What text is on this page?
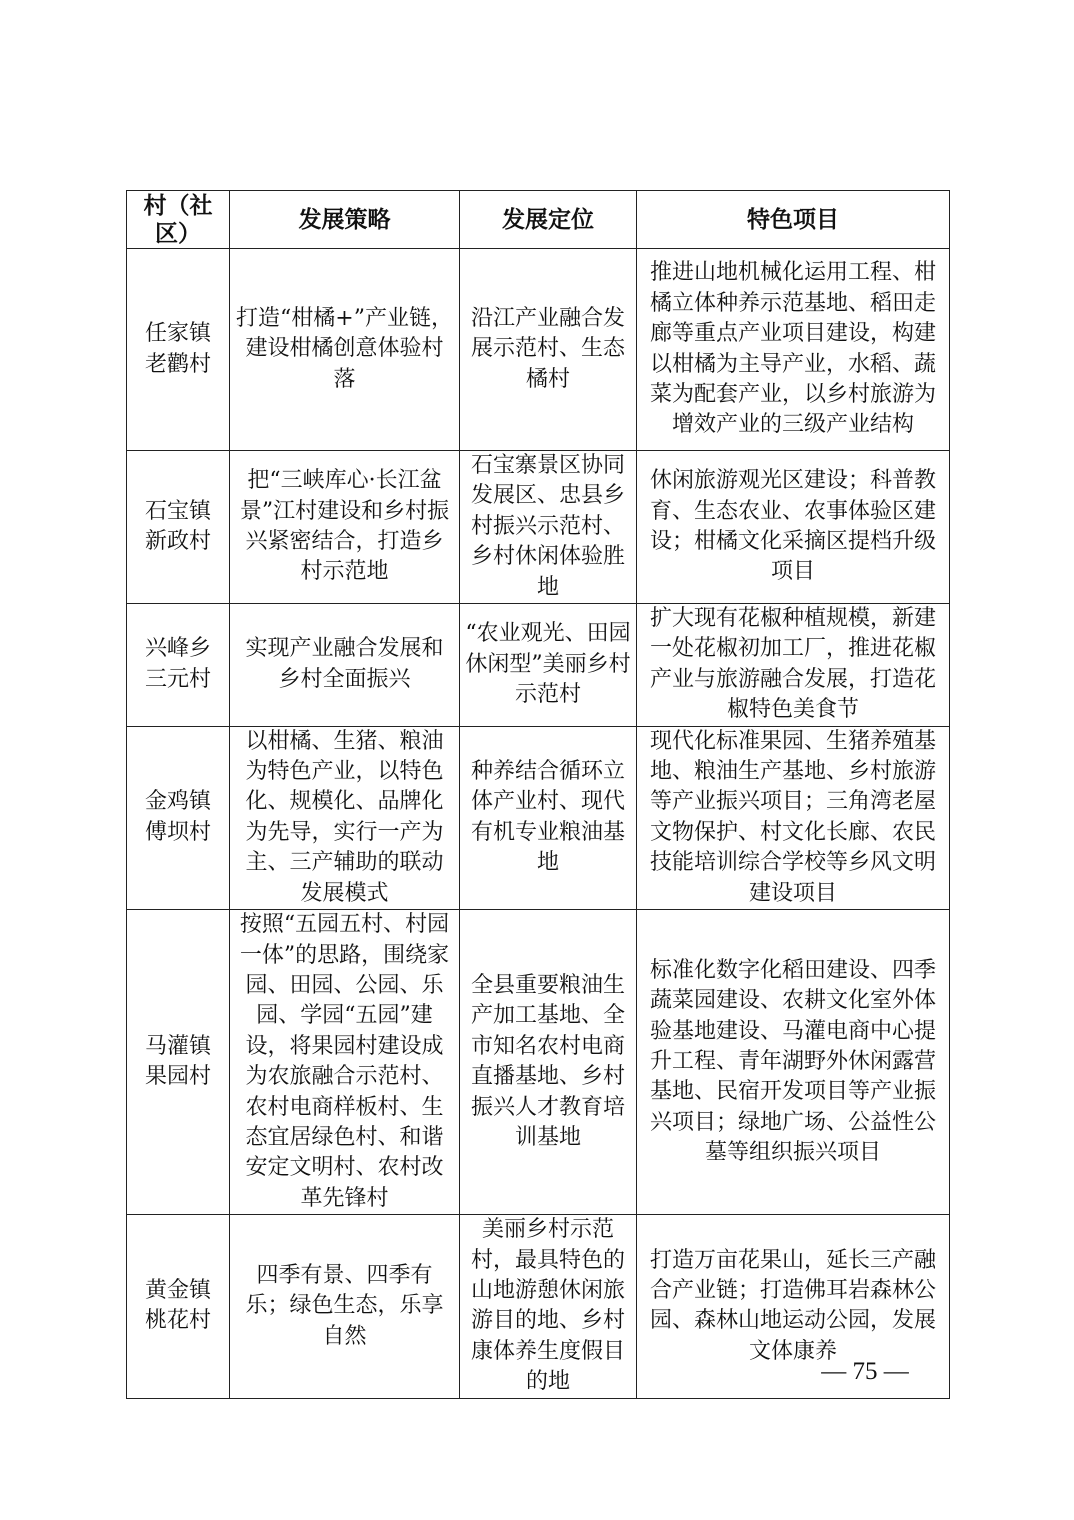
村（社区）	发展策略	发展定位	特色项目
任家镇老鹳村	打造“柑橘+”产业链，建设柑橘创意体验村落	沿江产业融合发展示范村、生态橘村	推进山地机械化运用工程、柑橘立体种养示范基地、稻田走廊等重点产业项目建设，构建以柑橘为主导产业，水稻、蔬菜为配套产业，以乡村旅游为增效产业的三级产业结构
石宝镇新政村	把“三峡库心·长江盆景”江村建设和乡村振兴紧密结合，打造乡村示范地	石宝寨景区协同发展区、忠县乡村振兴示范村、乡村休闲体验胜地	休闲旅游观光区建设；科普教育、生态农业、农事体验区建设；柑橘文化采摘区提档升级项目
兴峰乡三元村	实现产业融合发展和乡村全面振兴	“农业观光、田园休闲型”美丽乡村示范村	扩大现有花椒种植规模，新建一处花椒初加工厂，推进花椒产业与旅游融合发展，打造花椒特色美食节
金鸡镇傅坝村	以柑橘、生猪、粮油为特色产业，以特色化、规模化、品牌化为先导，实行一产为主、三产辅助的联动发展模式	种养结合循环立体产业村、现代有机专业粮油基地	现代化标准果园、生猪养殖基地、粮油生产基地、乡村旅游等产业振兴项目；三角湾老屋文物保护、村文化长廊、农民技能培训综合学校等乡风文明建设项目
马灌镇果园村	按照“五园五村、村园一体”的思路，围绕家园、田园、公园、乐园、学园“五园”建设，将果园村建设成为农旅融合示范村、农村电商样板村、生态宜居绿色村、和谐安定文明村、农村改革先锋村	全县重要粮油生产加工基地、全市知名农村电商直播基地、乡村振兴人才教育培训基地	标准化数字化稻田建设、四季蔬菜园建设、农耕文化室外体验基地建设、马灌电商中心提升工程、青年湖野外休闲露营基地、民宿开发项目等产业振兴项目；绿地广场、公益性公墓等组织振兴项目
黄金镇桃花村	四季有景、四季有乐；绿色生态，乐享自然	美丽乡村示范村，最具特色的山地游憩休闲旅游目的地、乡村康体养生度假目的地	打造万亩花果山，延长三产融合产业链；打造佛耳岩森林公园、森林山地运动公园，发展文体康养
— 75 —
